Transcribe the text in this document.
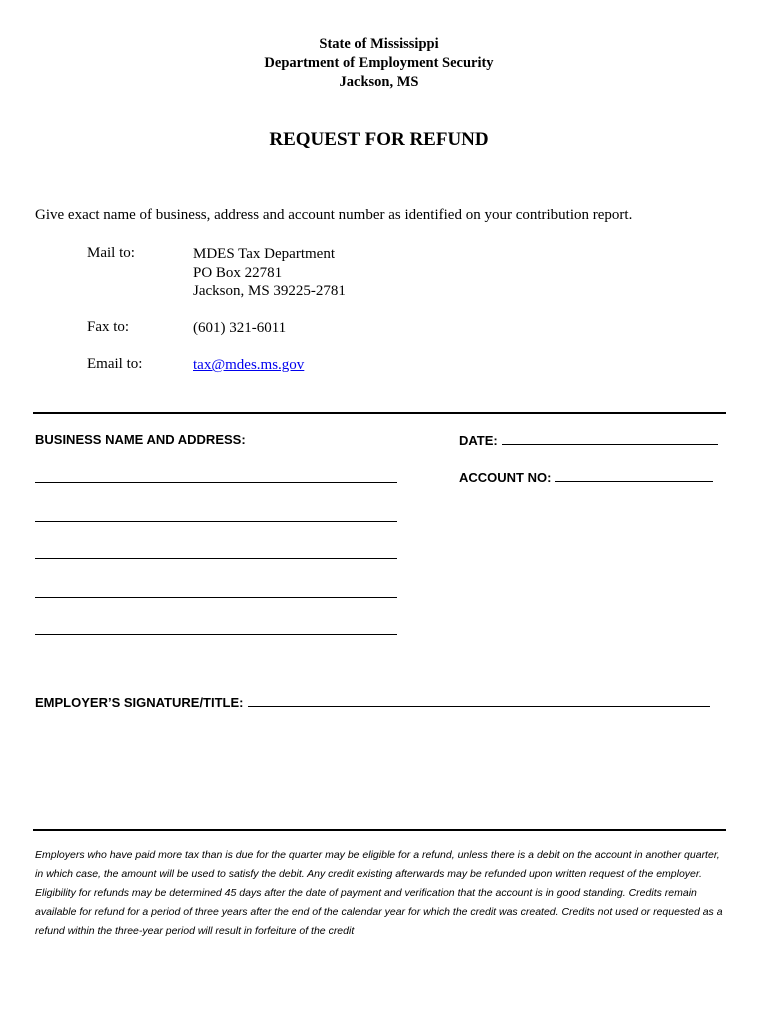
State of Mississippi
Department of Employment Security
Jackson, MS
REQUEST FOR REFUND
Give exact name of business, address and account number as identified on your contribution report.
Mail to:	MDES Tax Department
PO Box 22781
Jackson, MS 39225-2781
Fax to:	(601) 321-6011
Email to:	tax@mdes.ms.gov
BUSINESS NAME AND ADDRESS:	DATE:
ACCOUNT NO:
EMPLOYER’S SIGNATURE/TITLE:
Employers who have paid more tax than is due for the quarter may be eligible for a refund, unless there is a debit on the account in another quarter, in which case, the amount will be used to satisfy the debit. Any credit existing afterwards may be refunded upon written request of the employer. Eligibility for refunds may be determined 45 days after the date of payment and verification that the account is in good standing. Credits remain available for refund for a period of three years after the end of the calendar year for which the credit was created. Credits not used or requested as a refund within the three-year period will result in forfeiture of the credit
